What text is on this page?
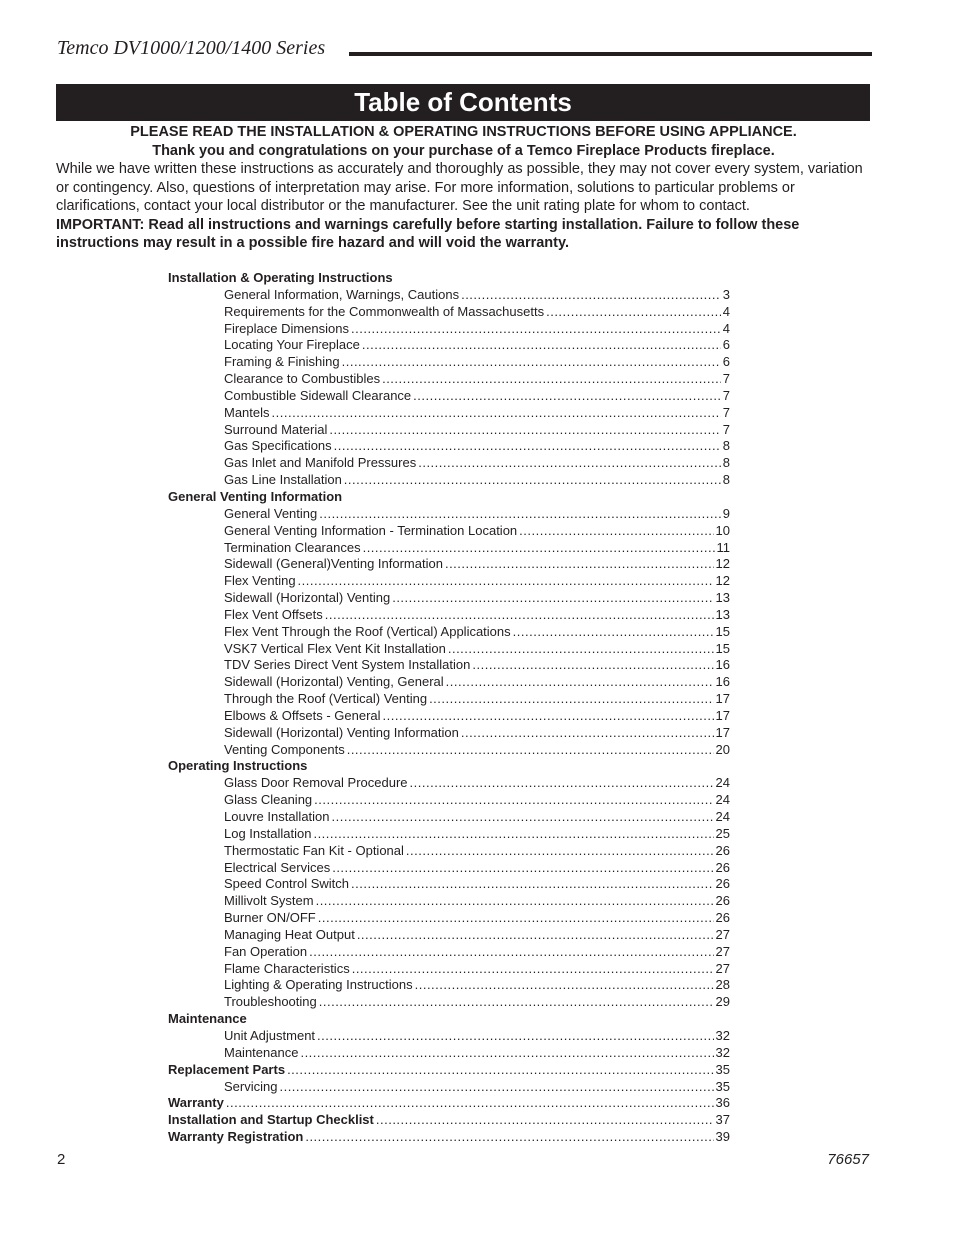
Temco DV1000/1200/1400 Series
Table of Contents
PLEASE READ THE INSTALLATION & OPERATING INSTRUCTIONS BEFORE USING APPLIANCE.
Thank you and congratulations on your purchase of a Temco Fireplace Products fireplace.

While we have written these instructions as accurately and thoroughly as possible, they may not cover every system, variation or contingency. Also, questions of interpretation may arise. For more information, solutions to particular problems or clarifications, contact your local distributor or the manufacturer. See the unit rating plate for whom to contact.

IMPORTANT: Read all instructions and warnings carefully before starting installation. Failure to follow these instructions may result in a possible fire hazard and will void the warranty.

Installation & Operating Instructions
General Information, Warnings, Cautions .....	3
Requirements for the Commonwealth of Massachusetts .....	4
Fireplace Dimensions .....	4
Locating Your Fireplace .....	6
Framing & Finishing .....	6
Clearance to Combustibles .....	7
Combustible Sidewall Clearance .....	7
Mantels .....	7
Surround Material .....	7
Gas Specifications .....	8
Gas Inlet and Manifold Pressures .....	8
Gas Line Installation .....	8
General Venting Information
General Venting .....	9
General Venting Information - Termination Location .....	10
Termination Clearances .....	11
Sidewall (General)Venting Information .....	12
Flex Venting .....	12
Sidewall (Horizontal) Venting .....	13
Flex Vent Offsets .....	13
Flex Vent Through the Roof (Vertical) Applications .....	15
VSK7 Vertical Flex Vent Kit Installation .....	15
TDV Series Direct Vent System Installation .....	16
Sidewall (Horizontal) Venting, General .....	16
Through the Roof (Vertical) Venting .....	17
Elbows & Offsets - General .....	17
Sidewall (Horizontal) Venting Information .....	17
Venting Components .....	20
Operating Instructions
Glass Door Removal Procedure .....	24
Glass Cleaning .....	24
Louvre Installation .....	24
Log Installation .....	25
Thermostatic Fan Kit - Optional .....	26
Electrical Services .....	26
Speed Control Switch .....	26
Millivolt System .....	26
Burner ON/OFF .....	26
Managing Heat Output .....	27
Fan Operation .....	27
Flame Characteristics .....	27
Lighting & Operating Instructions .....	28
Troubleshooting .....	29
Maintenance
Unit Adjustment .....	32
Maintenance .....	32
Replacement Parts .....	35
Servicing .....	35
Warranty .....	36
Installation and Startup Checklist .....	37
Warranty Registration .....	39
2	76657
